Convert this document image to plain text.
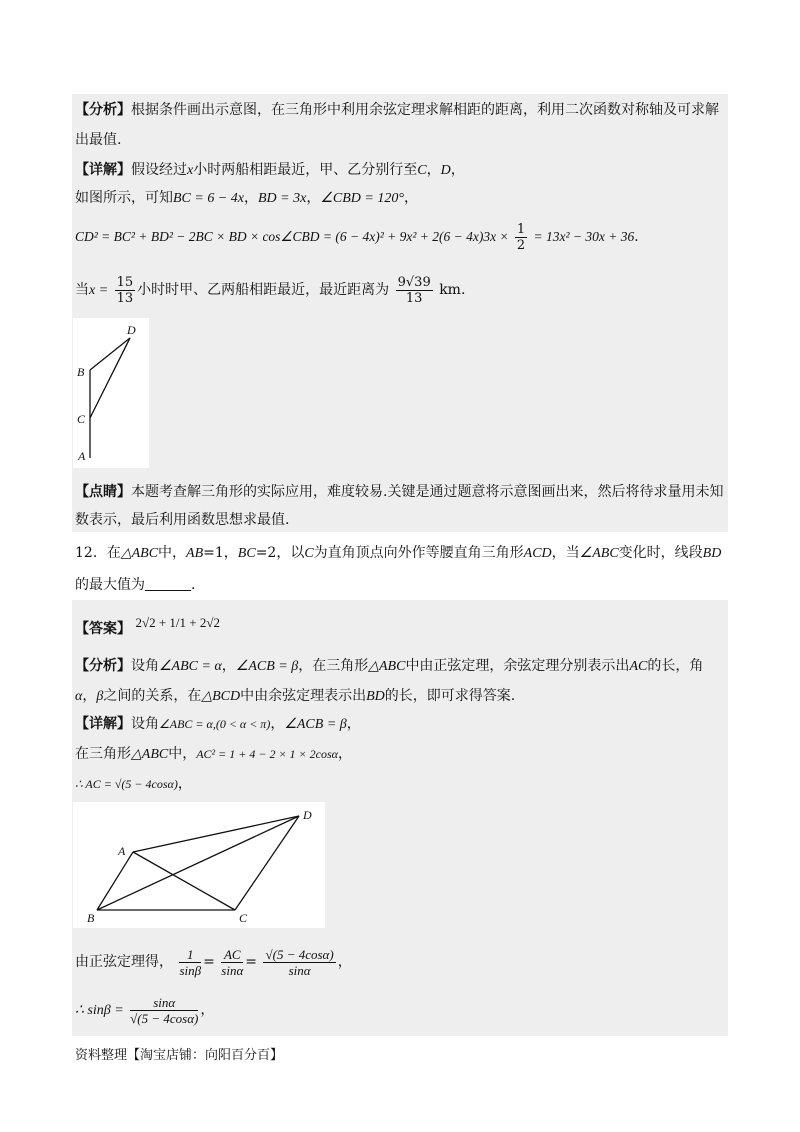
【分析】根据条件画出示意图，在三角形中利用余弦定理求解相距的距离，利用二次函数对称轴及可求解
出最值.
【详解】假设经过x小时两船相距最近，甲、乙分别行至C，D，
如图所示，可知BC = 6 − 4x，BD = 3x，∠CBD = 120°，
CD² = BC² + BD² − 2BC × BD × cos∠CBD = $(6 - 4x)^2 + 9x^2 + 2(6 - 4x)3x \times \frac{1}{2} = 13x^2 - 30x + 36$.
当$x = \frac{15}{13}$ 小时时甲、乙两船相距最近，最近距离为 $\frac{9√39}{13}$ km.
D
B
C
A
【点睛】本题考查解三角形的实际应用，难度较易.关键是通过题意将示意图画出来，然后将待求量用未知
数表示，最后利用函数思想求最值.
12．在△ABC中，AB=1，BC=2，以C为直角顶点向外作等腰直角三角形ACD，当∠ABC变化时，线段BD
的最大值为	.
【答案】 2√2 + 1/1 + 2√2
【分析】设角∠ABC = α，∠ACB = β，在三角形△ABC中由正弦定理，余弦定理分别表示出AC的长，角
α，β之间的关系，在△BCD中由余弦定理表示出BD的长，即可求得答案.
【详解】设角∠ABC = α,(0 < α < π)，∠ACB = β，
在三角形△ABC中，AC² = 1 + 4 − 2 × 1 × 2cosα，
∴ AC = √(5 − 4cosα)，
D
A
B	C
由正弦定理得， $\frac{1}{\sin\beta} = \frac{AC}{\sin\alpha} = \frac{√(5 - 4\cos\alpha)}{\sin\alpha}$ ，
∴ $\sin\beta = \frac{\sin\alpha}{√(5 - 4\cos\alpha)}$ ，
资料整理【淘宝店铺：向阳百分百】
